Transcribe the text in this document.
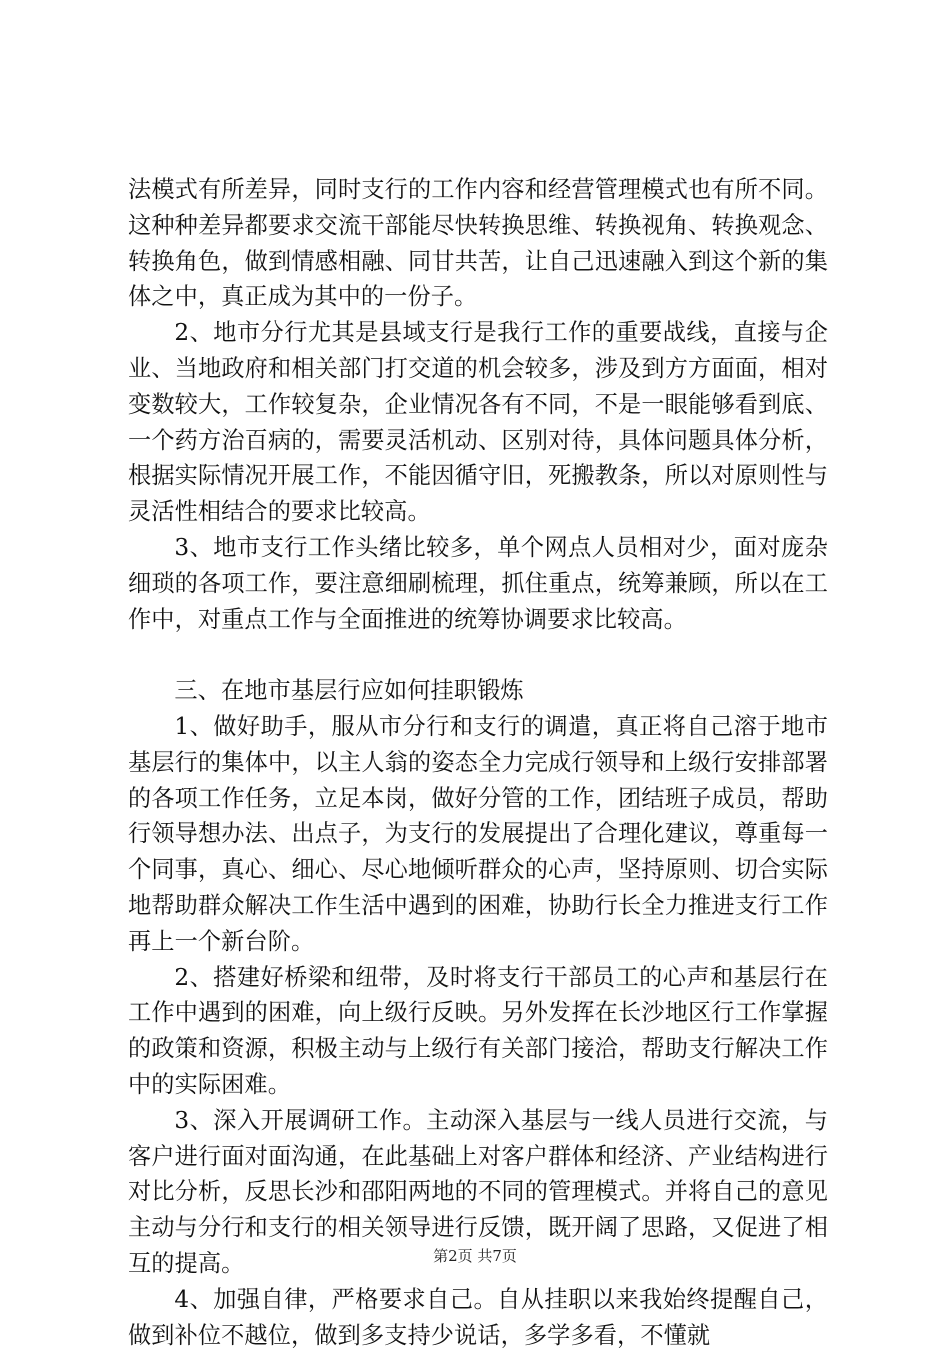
法模式有所差异，同时支行的工作内容和经营管理模式也有所不同。这种种差异都要求交流干部能尽快转换思维、转换视角、转换观念、转换角色，做到情感相融、同甘共苦，让自己迅速融入到这个新的集体之中，真正成为其中的一份子。

2、地市分行尤其是县域支行是我行工作的重要战线，直接与企业、当地政府和相关部门打交道的机会较多，涉及到方方面面，相对变数较大，工作较复杂，企业情况各有不同，不是一眼能够看到底、一个药方治百病的，需要灵活机动、区别对待，具体问题具体分析，根据实际情况开展工作，不能因循守旧，死搬教条，所以对原则性与灵活性相结合的要求比较高。

3、地市支行工作头绪比较多，单个网点人员相对少，面对庞杂细琐的各项工作，要注意细刷梳理，抓住重点，统筹兼顾，所以在工作中，对重点工作与全面推进的统筹协调要求比较高。

三、在地市基层行应如何挂职锻炼

1、做好助手，服从市分行和支行的调遣，真正将自己溶于地市基层行的集体中，以主人翁的姿态全力完成行领导和上级行安排部署的各项工作任务，立足本岗，做好分管的工作，团结班子成员，帮助行领导想办法、出点子，为支行的发展提出了合理化建议，尊重每一个同事，真心、细心、尽心地倾听群众的心声，坚持原则、切合实际地帮助群众解决工作生活中遇到的困难，协助行长全力推进支行工作再上一个新台阶。

2、搭建好桥梁和纽带，及时将支行干部员工的心声和基层行在工作中遇到的困难，向上级行反映。另外发挥在长沙地区行工作掌握的政策和资源，积极主动与上级行有关部门接洽，帮助支行解决工作中的实际困难。

3、深入开展调研工作。主动深入基层与一线人员进行交流，与客户进行面对面沟通，在此基础上对客户群体和经济、产业结构进行对比分析，反思长沙和邵阳两地的不同的管理模式。并将自己的意见主动与分行和支行的相关领导进行反馈，既开阔了思路，又促进了相互的提高。

4、加强自律，严格要求自己。自从挂职以来我始终提醒自己，做到补位不越位，做到多支持少说话，多学多看，不懂就

第2页 共7页
